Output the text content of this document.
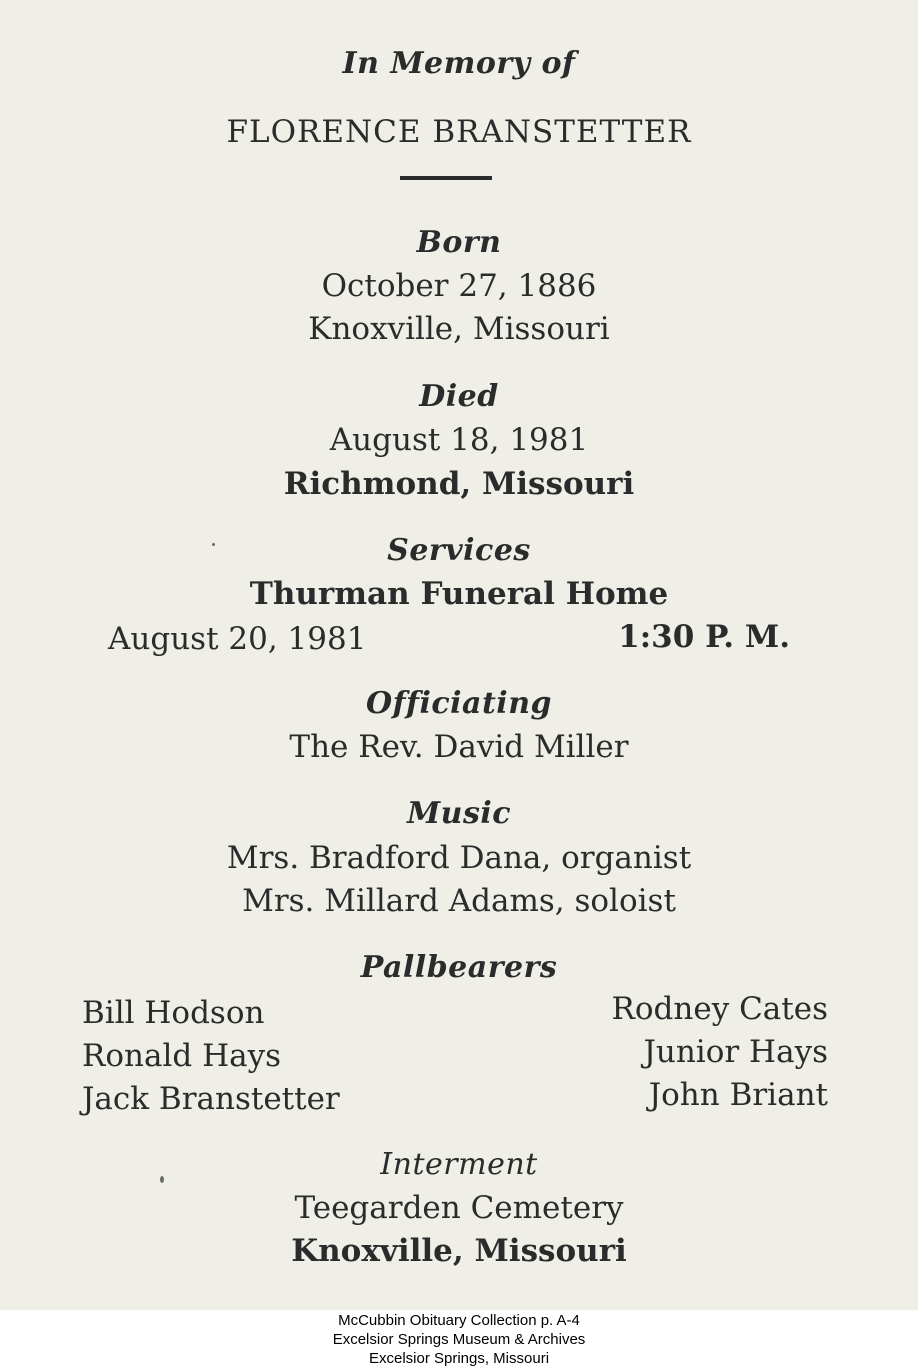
In Memory of
FLORENCE BRANSTETTER
Born
October 27, 1886
Knoxville, Missouri
Died
August 18, 1981
Richmond, Missouri
Services
Thurman Funeral Home
August 20, 1981	1:30 P. M.
Officiating
The Rev. David Miller
Music
Mrs. Bradford Dana, organist
Mrs. Millard Adams, soloist
Pallbearers
Bill Hodson
Ronald Hays
Jack Branstetter
Rodney Cates
Junior Hays
John Briant
Interment
Teegarden Cemetery
Knoxville, Missouri
McCubbin Obituary Collection p. A-4
Excelsior Springs Museum & Archives
Excelsior Springs, Missouri
